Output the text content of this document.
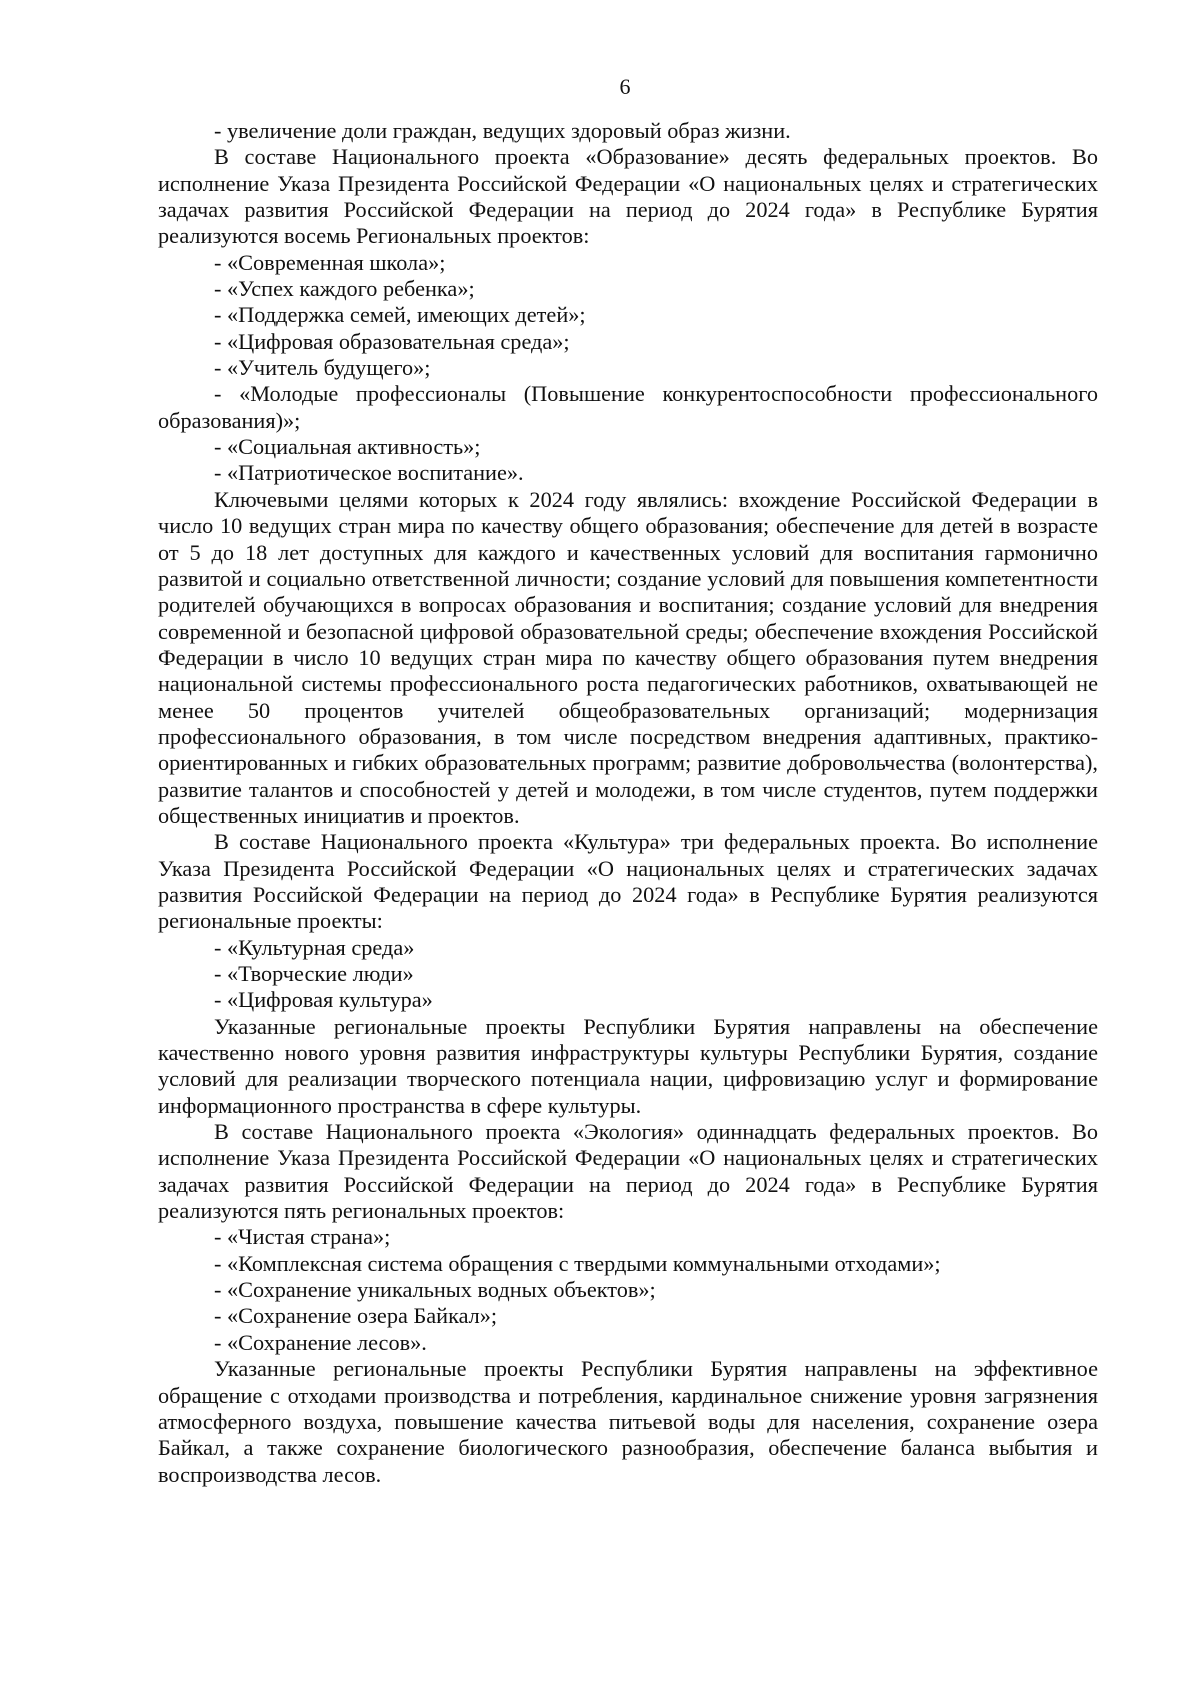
6

- увеличение доли граждан, ведущих здоровый образ жизни.

В составе Национального проекта «Образование» десять федеральных проектов. Во исполнение Указа Президента Российской Федерации «О национальных целях и стратегических задачах развития Российской Федерации на период до 2024 года» в Республике Бурятия реализуются восемь Региональных проектов:

- «Современная школа»;

- «Успех каждого ребенка»;

- «Поддержка семей, имеющих детей»;

- «Цифровая образовательная среда»;

- «Учитель будущего»;

- «Молодые профессионалы (Повышение конкурентоспособности профессионального образования)»;

- «Социальная активность»;

- «Патриотическое воспитание».

Ключевыми целями которых к 2024 году являлись: вхождение Российской Федерации в число 10 ведущих стран мира по качеству общего образования; обеспечение для детей в возрасте от 5 до 18 лет доступных для каждого и качественных условий для воспитания гармонично развитой и социально ответственной личности; создание условий для повышения компетентности родителей обучающихся в вопросах образования и воспитания; создание условий для внедрения современной и безопасной цифровой образовательной среды; обеспечение вхождения Российской Федерации в число 10 ведущих стран мира по качеству общего образования путем внедрения национальной системы профессионального роста педагогических работников, охватывающей не менее 50 процентов учителей общеобразовательных организаций; модернизация профессионального образования, в том числе посредством внедрения адаптивных, практико-ориентированных и гибких образовательных программ; развитие добровольчества (волонтерства), развитие талантов и способностей у детей и молодежи, в том числе студентов, путем поддержки общественных инициатив и проектов.

В составе Национального проекта «Культура» три федеральных проекта. Во исполнение Указа Президента Российской Федерации «О национальных целях и стратегических задачах развития Российской Федерации на период до 2024 года» в Республике Бурятия реализуются региональные проекты:

- «Культурная среда»

- «Творческие люди»

- «Цифровая культура»

Указанные региональные проекты Республики Бурятия направлены на обеспечение качественно нового уровня развития инфраструктуры культуры Республики Бурятия, создание условий для реализации творческого потенциала нации, цифровизацию услуг и формирование информационного пространства в сфере культуры.

В составе Национального проекта «Экология» одиннадцать федеральных проектов. Во исполнение Указа Президента Российской Федерации «О национальных целях и стратегических задачах развития Российской Федерации на период до 2024 года» в Республике Бурятия реализуются пять региональных проектов:

- «Чистая страна»;

- «Комплексная система обращения с твердыми коммунальными отходами»;

- «Сохранение уникальных водных объектов»;

- «Сохранение озера Байкал»;

- «Сохранение лесов».

Указанные региональные проекты Республики Бурятия направлены на эффективное обращение с отходами производства и потребления, кардинальное снижение уровня загрязнения атмосферного воздуха, повышение качества питьевой воды для населения, сохранение озера Байкал, а также сохранение биологического разнообразия, обеспечение баланса выбытия и воспроизводства лесов.
